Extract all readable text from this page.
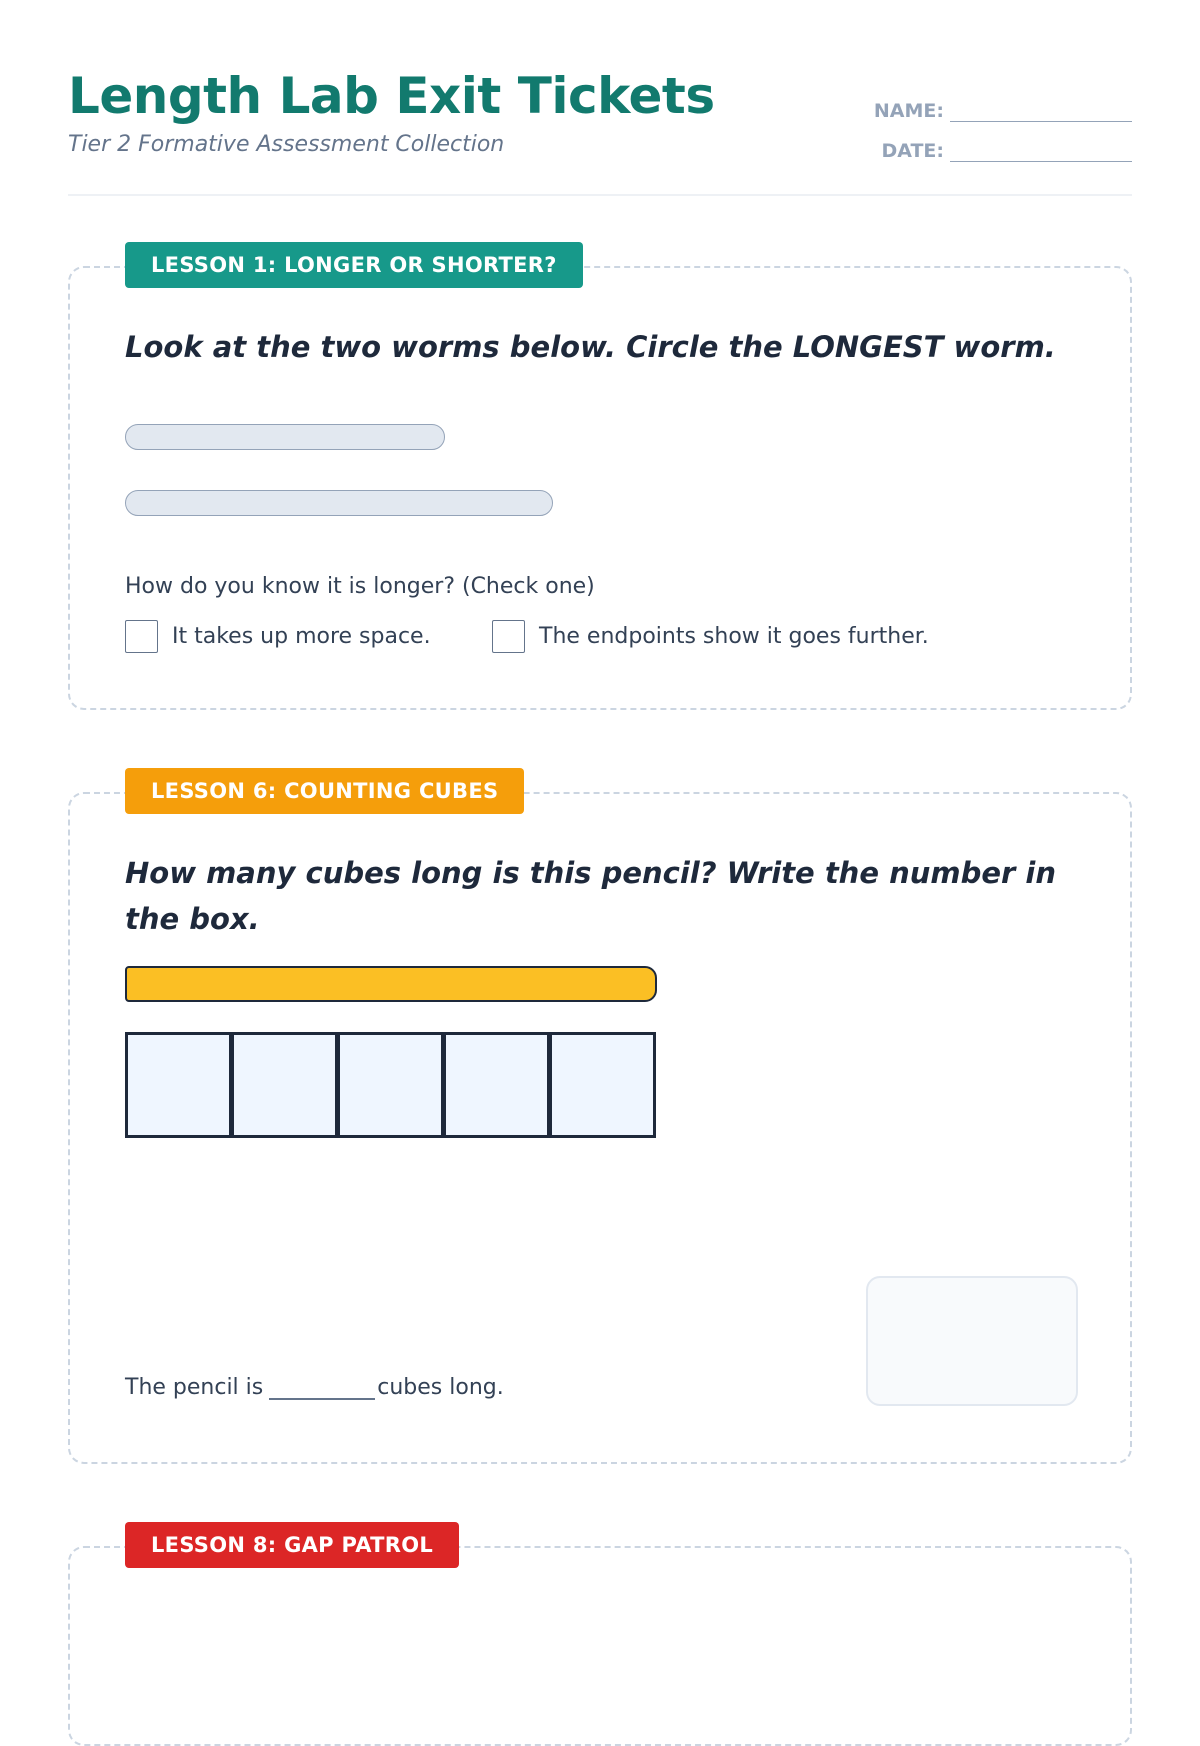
Length Lab Exit Tickets
Tier 2 Formative Assessment Collection
NAME:
DATE:
LESSON 1: LONGER OR SHORTER?
Look at the two worms below. Circle the LONGEST worm.
How do you know it is longer? (Check one)
It takes up more space.	The endpoints show it goes further.
LESSON 6: COUNTING CUBES
How many cubes long is this pencil? Write the number in the box.
The pencil is	cubes long.
LESSON 8: GAP PATROL
